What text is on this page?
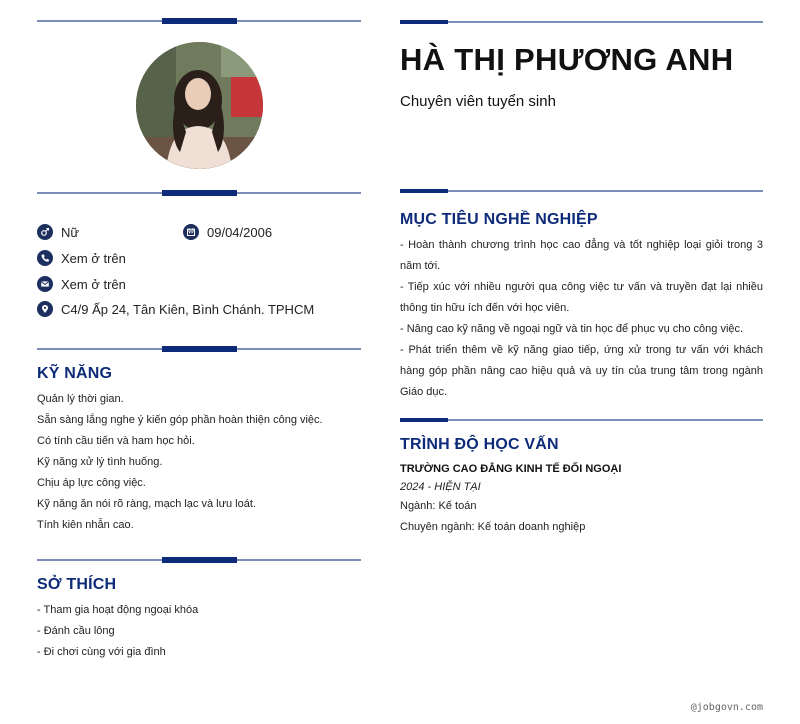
Nữ	09/04/2006
Xem ở trên
Xem ở trên
C4/9 Ấp 24, Tân Kiên, Bình Chánh. TPHCM
KỸ NĂNG
Quản lý thời gian.
Sẵn sàng lắng nghe ý kiến góp phần hoàn thiện công việc.
Có tính cầu tiến và ham học hỏi.
Kỹ năng xử lý tình huống.
Chịu áp lực công việc.
Kỹ năng ăn nói rõ ràng, mạch lạc và lưu loát.
Tính kiên nhẫn cao.
SỞ THÍCH
- Tham gia hoạt động ngoại khóa
- Đánh cầu lông
- Đi chơi cùng với gia đình
HÀ THỊ PHƯƠNG ANH
Chuyên viên tuyển sinh
MỤC TIÊU NGHỀ NGHIỆP

- Hoàn thành chương trình học cao đẳng và tốt nghiệp loại giỏi trong 3 năm tới.

- Tiếp xúc với nhiều người qua công việc tư vấn và truyền đạt lại nhiều thông tin hữu ích đến với học viên.

- Nâng cao kỹ năng về ngoại ngữ và tin học để phục vụ cho công việc.

- Phát triển thêm về kỹ năng giao tiếp, ứng xử trong tư vấn với khách hàng góp phần nâng cao hiệu quả và uy tín của trung tâm trong ngành Giáo dục.

TRÌNH ĐỘ HỌC VẤN
TRƯỜNG CAO ĐẲNG KINH TẾ ĐỐI NGOẠI
2024 - HIỆN TẠI
Ngành: Kế toán
Chuyên ngành: Kế toán doanh nghiệp
@jobgovn.com
